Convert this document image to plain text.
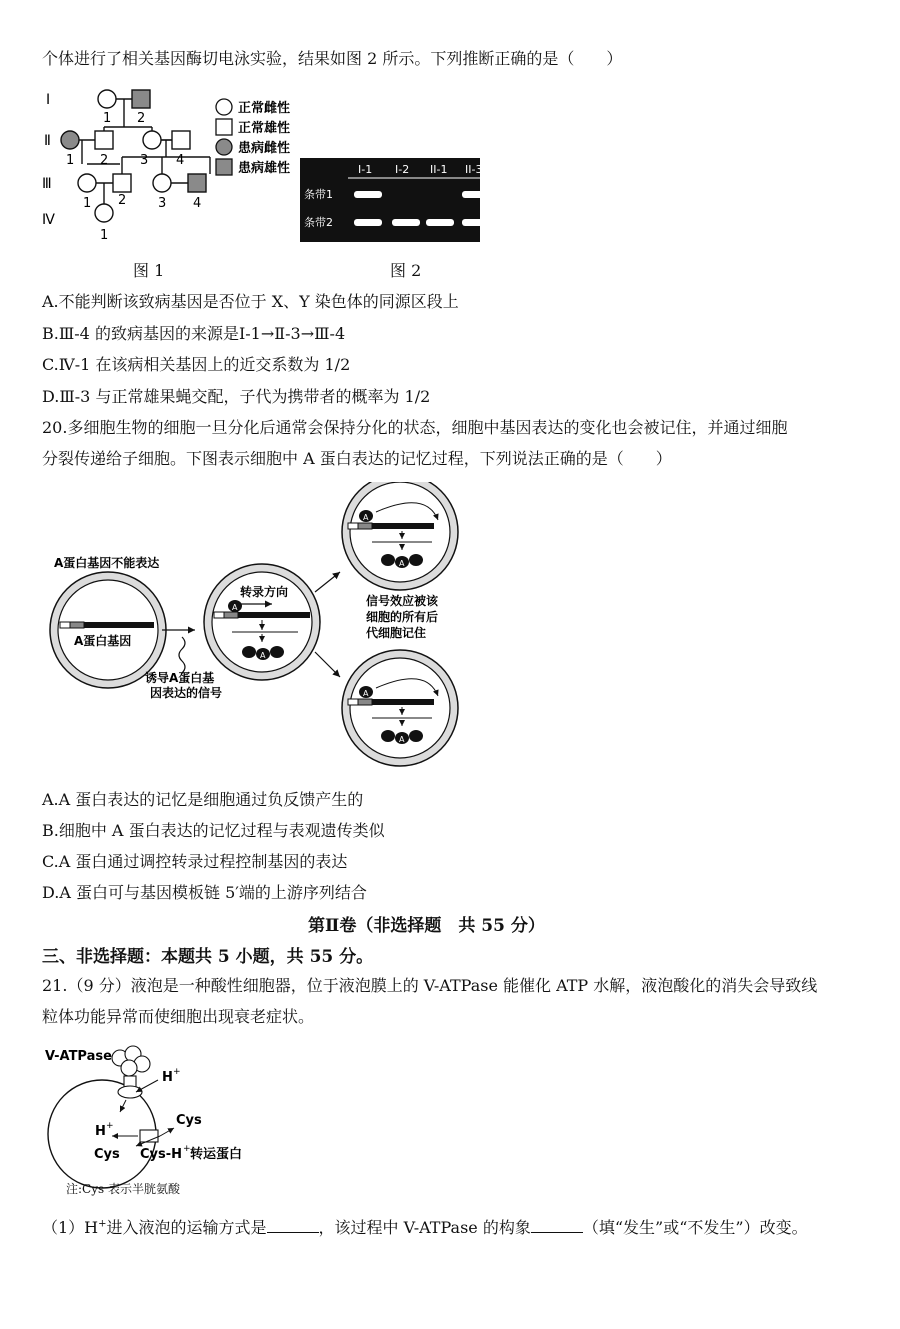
个体进行了相关基因酶切电泳实验，结果如图 2 所示。下列推断正确的是（　　）
Ⅰ
Ⅱ
Ⅲ
Ⅳ
1 2
1 2 3 4
1 2 3 4
1
正常雌性
正常雄性
患病雌性
患病雄性	I-1 I-2 II-1 II-3
条带1
条带2
图 1	图 2
A.不能判断该致病基因是否位于 X、Y 染色体的同源区段上
B.Ⅲ-4 的致病基因的来源是Ⅰ-1→Ⅱ-3→Ⅲ-4
C.Ⅳ-1 在该病相关基因上的近交系数为 1/2
D.Ⅲ-3 与正常雄果蝇交配，子代为携带者的概率为 1/2
20.多细胞生物的细胞一旦分化后通常会保持分化的状态，细胞中基因表达的变化也会被记住，并通过细胞
分裂传递给子细胞。下图表示细胞中 A 蛋白表达的记忆过程，下列说法正确的是（　　）
A蛋白基因不能表达
A蛋白基因
诱导A蛋白基
因表达的信号
转录方向
A
A
信号效应被该
细胞的所有后
代细胞记住
A
A
A
A
A.A 蛋白表达的记忆是细胞通过负反馈产生的
B.细胞中 A 蛋白表达的记忆过程与表观遗传类似
C.A 蛋白通过调控转录过程控制基因的表达
D.A 蛋白可与基因模板链 5′端的上游序列结合
第Ⅱ卷（非选择题　共 55 分）
三、非选择题：本题共 5 小题，共 55 分。
21.（9 分）液泡是一种酸性细胞器，位于液泡膜上的 V-ATPase 能催化 ATP 水解，液泡酸化的消失会导致线
粒体功能异常而使细胞出现衰老症状。
V-ATPase
H +
H +	Cys
Cys Cys-H + 转运蛋白
注:Cys 表示半胱氨酸
（1）H+进入液泡的运输方式是	，该过程中 V-ATPase 的构象	（填“发生”或“不发生”）改变。
